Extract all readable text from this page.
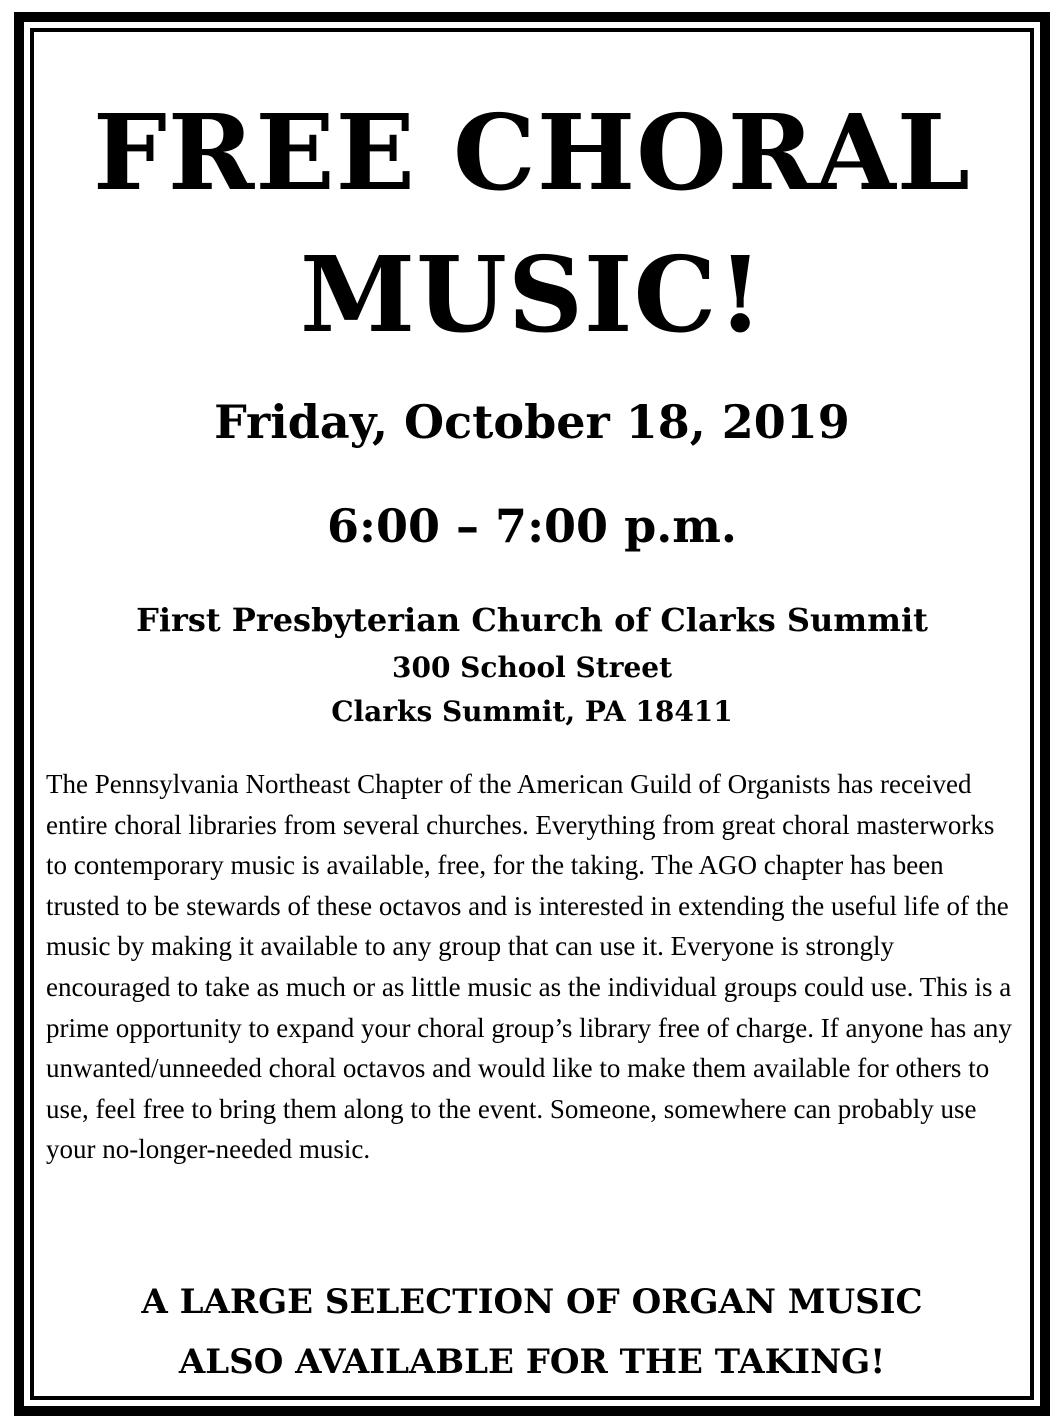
FREE CHORAL
MUSIC!
Friday, October 18, 2019
6:00 – 7:00 p.m.
First Presbyterian Church of Clarks Summit
300 School Street
Clarks Summit, PA 18411

The Pennsylvania Northeast Chapter of the American Guild of Organists has received entire choral libraries from several churches. Everything from great choral masterworks to contemporary music is available, free, for the taking. The AGO chapter has been trusted to be stewards of these octavos and is interested in extending the useful life of the music by making it available to any group that can use it. Everyone is strongly encouraged to take as much or as little music as the individual groups could use. This is a prime opportunity to expand your choral group’s library free of charge. If anyone has any unwanted/unneeded choral octavos and would like to make them available for others to use, feel free to bring them along to the event. Someone, somewhere can probably use your no-longer-needed music.

A LARGE SELECTION OF ORGAN MUSIC
ALSO AVAILABLE FOR THE TAKING!
